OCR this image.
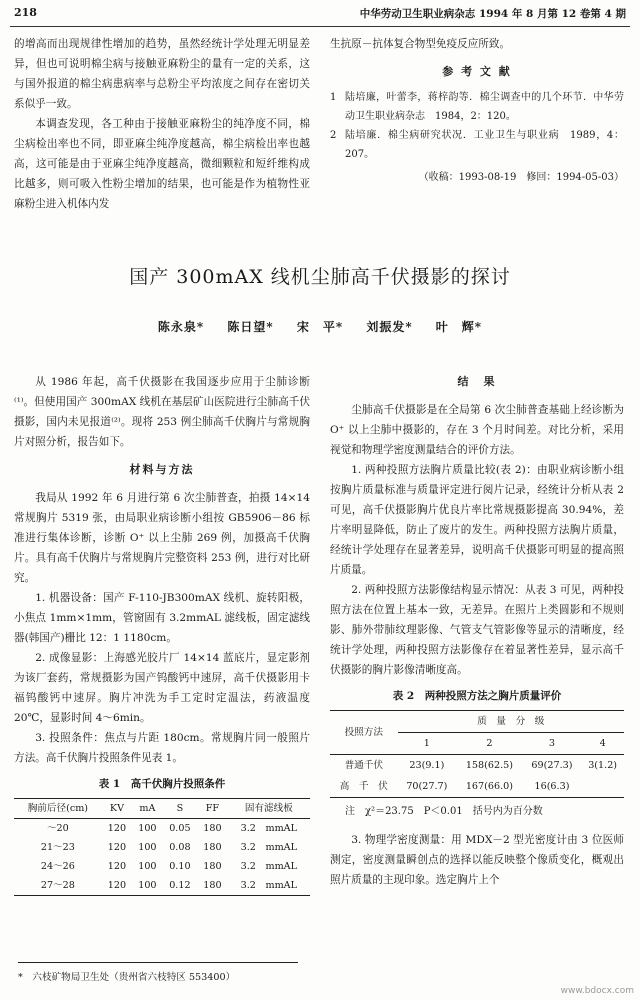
218	中华劳动卫生职业病杂志 1994 年 8 月第 12 卷第 4 期

的增高而出现规律性增加的趋势，虽然经统计学处理无明显差异，但也可说明棉尘病与接触亚麻粉尘的量有一定的关系，这与国外报道的棉尘病患病率与总粉尘平均浓度之间存在密切关系似乎一致。

本调查发现，各工种由于接触亚麻粉尘的纯净度不同，棉尘病检出率也不同，即亚麻尘纯净度越高，棉尘病检出率也越高，这可能是由于亚麻尘纯净度越高，微细颗粒和短纤维构成比越多，则可吸入性粉尘增加的结果，也可能是作为植物性亚麻粉尘进入机体内发

生抗原－抗体复合物型免疫反应所致。

参 考 文 献
1 陆培廉，叶蕾李，蒋梓韵等．棉尘调查中的几个环节．中华劳动卫生职业病杂志　1984，2：120。
2 陆培廉．棉尘病研究状况．工业卫生与职业病　1989，4：207。
（收稿：1993-08-19　修回：1994-05-03）
国产 300mAX 线机尘肺高千伏摄影的探讨
陈永泉* 陈日望* 宋　平* 刘振发* 叶　辉*

从 1986 年起，高千伏摄影在我国逐步应用于尘肺诊断⁽¹⁾。但使用国产 300mAX 线机在基层矿山医院进行尘肺高千伏摄影，国内未见报道⁽²⁾。现将 253 例尘肺高千伏胸片与常规胸片对照分析，报告如下。

材料与方法

我局从 1992 年 6 月进行第 6 次尘肺普查，拍摄 14×14 常规胸片 5319 张，由局职业病诊断小组按 GB5906－86 标准进行集体诊断，诊断 O⁺ 以上尘肺 269 例，加摄高千伏胸片。具有高千伏胸片与常规胸片完整资料 253 例，进行对比研究。

1. 机器设备：国产 F-110-JB300mAX 线机、旋转阳极，小焦点 1mm×1mm，管窗固有 3.2mmAL 滤线板，固定滤线器(韩国产)栅比 12：1 1180cm。

2. 成像显影：上海感光胶片厂 14×14 蓝底片，显定影剂为该厂套药，常规摄影为国产钨酸钙中速屏，高千伏摄影用卡福钨酸钙中速屏。胸片冲洗为手工定时定温法，药液温度 20℃，显影时间 4～6min。

3. 投照条件：焦点与片距 180cm。常规胸片同一般照片方法。高千伏胸片投照条件见表 1。

表 1　高千伏胸片投照条件
胸前后径(cm)	KV	mA	S	FF	固有滤线板
～20	120	100	0.05	180	3.2　mmAL
21～23	120	100	0.08	180	3.2　mmAL
24～26	120	100	0.10	180	3.2　mmAL
27～28	120	100	0.12	180	3.2　mmAL
结　果

尘肺高千伏摄影是在全局第 6 次尘肺普查基础上经诊断为 O⁺ 以上尘肺中摄影的，存在 3 个月时间差。对比分析，采用视觉和物理学密度测量结合的评价方法。

1. 两种投照方法胸片质量比较(表 2)：由职业病诊断小组按胸片质量标准与质量评定进行阅片记录，经统计分析从表 2 可见，高千伏摄影胸片优良片率比常规摄影提高 30.94%，差片率明显降低，防止了废片的发生。两种投照方法胸片质量，经统计学处理存在显著差异，说明高千伏摄影可明显的提高照片质量。

2. 两种投照方法影像结构显示情况：从表 3 可见，两种投照方法在位置上基本一致，无差异。在照片上类圆影和不规则影、肺外带肺纹理影像、气管支气管影像等显示的清晰度，经统计学处理，两种投照方法影像存在着显著性差异，显示高千伏摄影的胸片影像清晰度高。

表 2　两种投照方法之胸片质量评价
投照方法	质　量　分　级			
	1	2	3	4
普通千伏	23(9.1)	158(62.5)	69(27.3)	3(1.2)
高　千　伏	70(27.7)	167(66.0)	16(6.3)	
注　χ²＝23.75　P＜0.01　括号内为百分数

3. 物理学密度测量：用 MDX－2 型光密度计由 3 位医师测定，密度测量瞬创点的选择以能反映整个像质变化，概观出照片质量的主现印象。选定胸片上个

*　六枝矿物局卫生处（贵州省六枝特区 553400）
www.bdocx.com
